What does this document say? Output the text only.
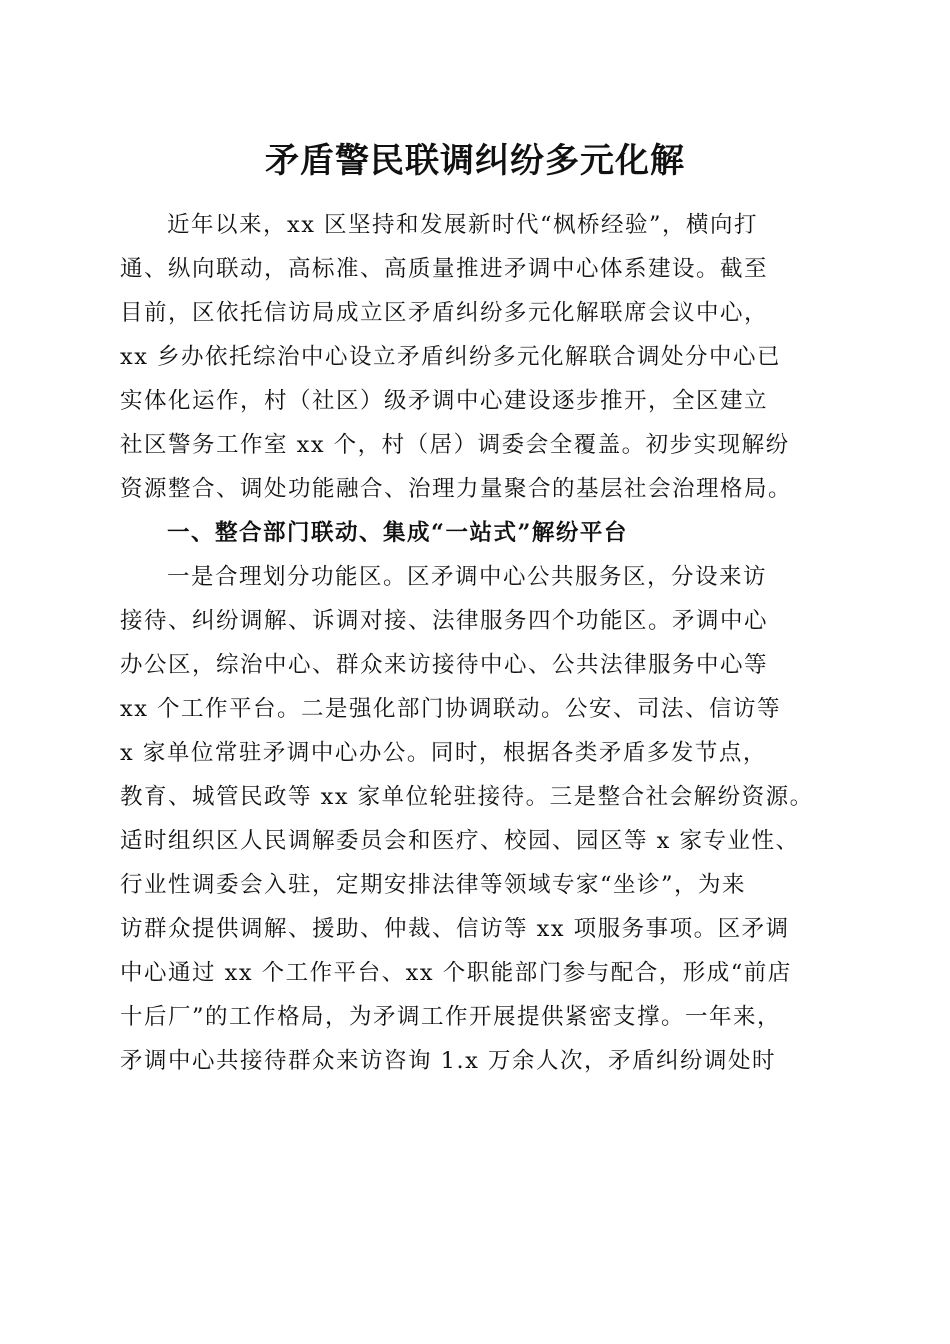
矛盾警民联调纠纷多元化解
近年以来，xx 区坚持和发展新时代“枫桥经验”，横向打
通、纵向联动，高标准、高质量推进矛调中心体系建设。截至
目前，区依托信访局成立区矛盾纠纷多元化解联席会议中心，
xx 乡办依托综治中心设立矛盾纠纷多元化解联合调处分中心已
实体化运作，村（社区）级矛调中心建设逐步推开，全区建立
社区警务工作室 xx 个，村（居）调委会全覆盖。初步实现解纷
资源整合、调处功能融合、治理力量聚合的基层社会治理格局。
一、整合部门联动、集成“一站式”解纷平台
一是合理划分功能区。区矛调中心公共服务区，分设来访
接待、纠纷调解、诉调对接、法律服务四个功能区。矛调中心
办公区，综治中心、群众来访接待中心、公共法律服务中心等
xx 个工作平台。二是强化部门协调联动。公安、司法、信访等
x 家单位常驻矛调中心办公。同时，根据各类矛盾多发节点，
教育、城管民政等 xx 家单位轮驻接待。三是整合社会解纷资源。
适时组织区人民调解委员会和医疗、校园、园区等 x 家专业性、
行业性调委会入驻，定期安排法律等领域专家“坐诊”，为来
访群众提供调解、援助、仲裁、信访等 xx 项服务事项。区矛调
中心通过 xx 个工作平台、xx 个职能部门参与配合，形成“前店
十后厂”的工作格局，为矛调工作开展提供紧密支撑。一年来，
矛调中心共接待群众来访咨询 1.x 万余人次，矛盾纠纷调处时
